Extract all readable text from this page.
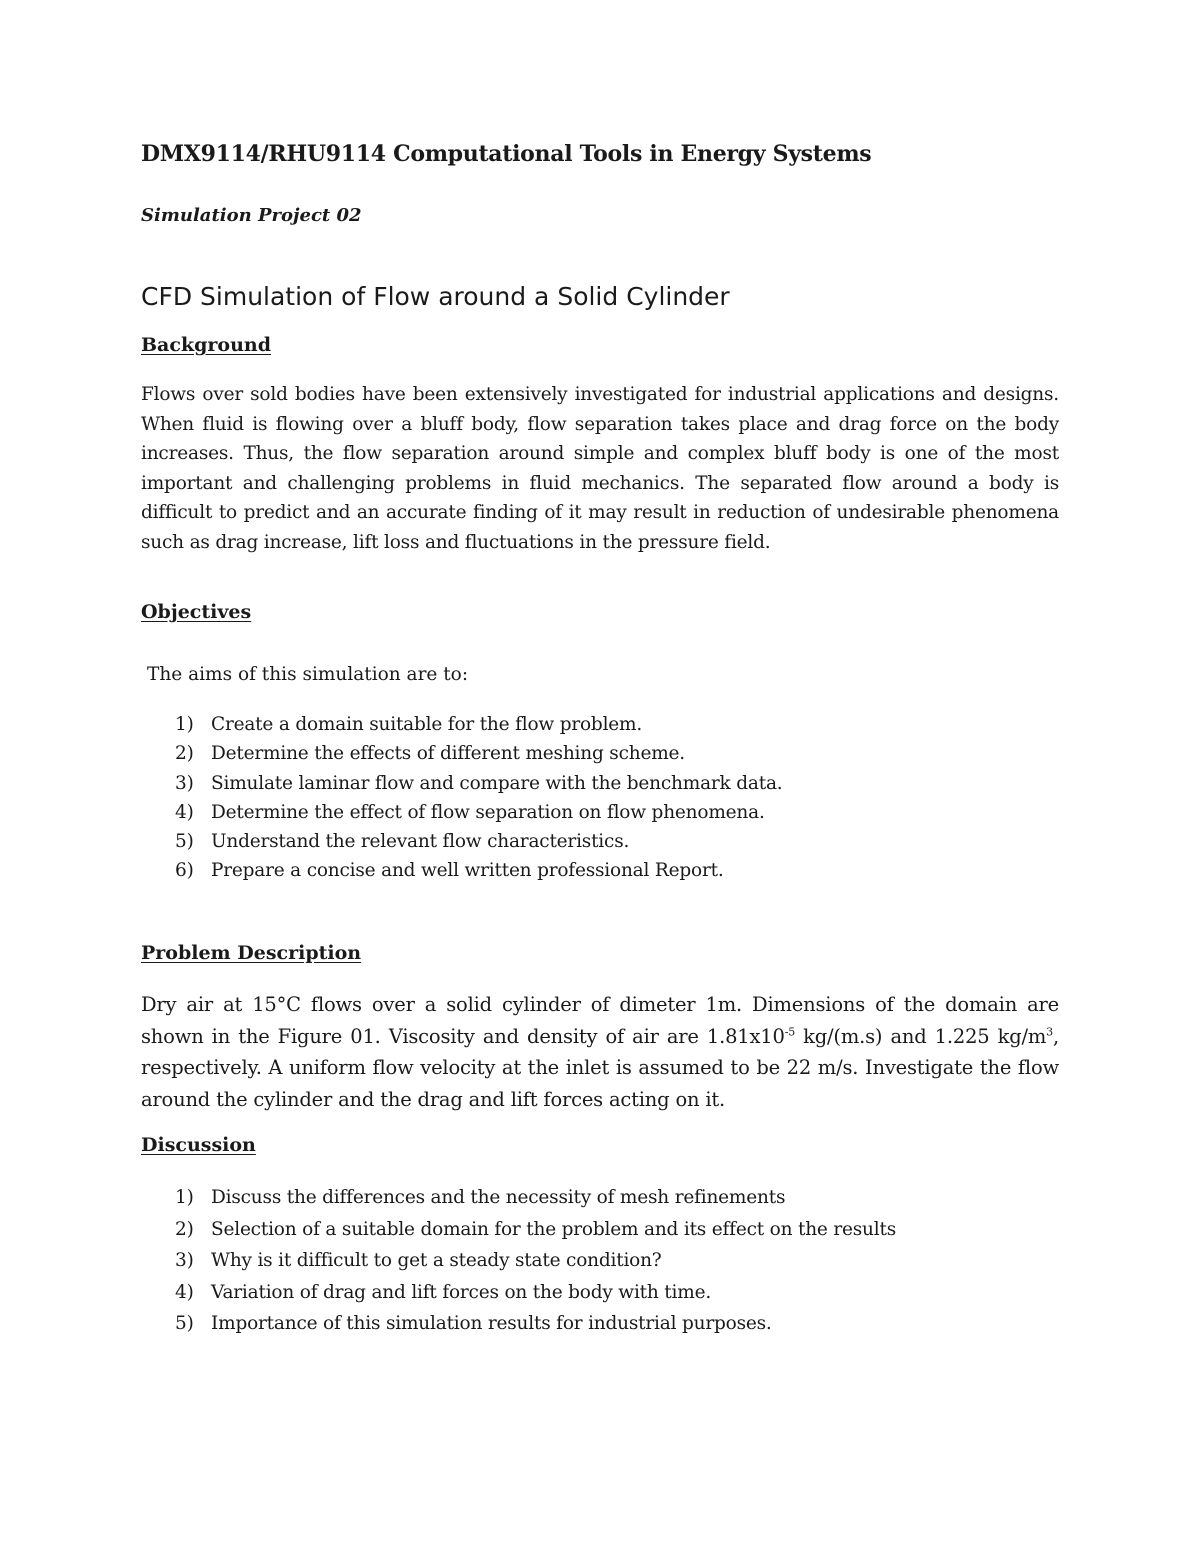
DMX9114/RHU9114 Computational Tools in Energy Systems
Simulation Project 02
CFD Simulation of Flow around a Solid Cylinder
Background
Flows over sold bodies have been extensively investigated for industrial applications and designs. When fluid is flowing over a bluff body, flow separation takes place and drag force on the body increases. Thus, the flow separation around simple and complex bluff body is one of the most important and challenging problems in fluid mechanics. The separated flow around a body is difficult to predict and an accurate finding of it may result in reduction of undesirable phenomena such as drag increase, lift loss and fluctuations in the pressure field.
Objectives
The aims of this simulation are to:
1) Create a domain suitable for the flow problem.
2) Determine the effects of different meshing scheme.
3) Simulate laminar flow and compare with the benchmark data.
4) Determine the effect of flow separation on flow phenomena.
5) Understand the relevant flow characteristics.
6) Prepare a concise and well written professional Report.
Problem Description
Dry air at 15°C flows over a solid cylinder of dimeter 1m. Dimensions of the domain are shown in the Figure 01. Viscosity and density of air are $1.81x10^{-5}$ kg/(m.s) and 1.225 $kg/m^3$, respectively. A uniform flow velocity at the inlet is assumed to be 22 m/s. Investigate the flow around the cylinder and the drag and lift forces acting on it.
Discussion
1) Discuss the differences and the necessity of mesh refinements
2) Selection of a suitable domain for the problem and its effect on the results
3) Why is it difficult to get a steady state condition?
4) Variation of drag and lift forces on the body with time.
5) Importance of this simulation results for industrial purposes.
